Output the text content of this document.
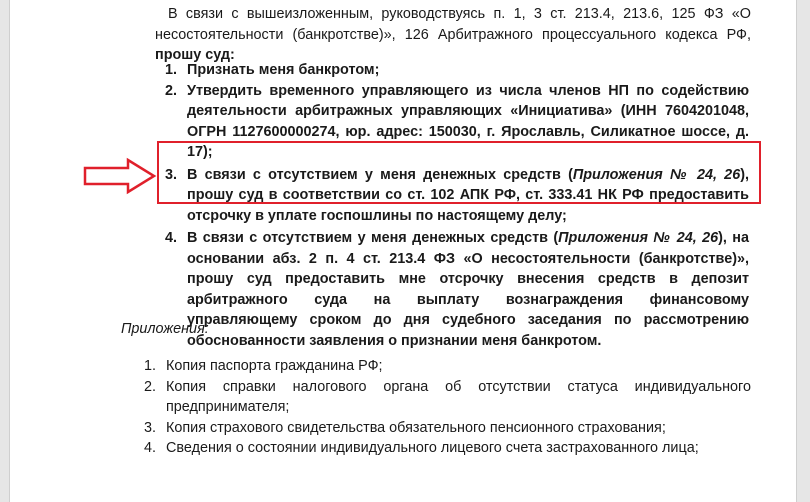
В связи с вышеизложенным, руководствуясь п. 1, 3 ст. 213.4, 213.6, 125 ФЗ «О несостоятельности (банкротстве)», 126 Арбитражного процессуального кодекса РФ, прошу суд:

1. Признать меня банкротом;
2. Утвердить временного управляющего из числа членов НП по содействию деятельности арбитражных управляющих «Инициатива» (ИНН 7604201048, ОГРН 1127600000274, юр. адрес: 150030, г. Ярославль, Силикатное шоссе, д. 17);
3. В связи с отсутствием у меня денежных средств (Приложения № 24, 26), прошу суд в соответствии со ст. 102 АПК РФ, ст. 333.41 НК РФ предоставить отсрочку в уплате госпошлины по настоящему делу;
4. В связи с отсутствием у меня денежных средств (Приложения № 24, 26), на основании абз. 2 п. 4 ст. 213.4 ФЗ «О несостоятельности (банкротстве)», прошу суд предоставить мне отсрочку внесения средств в депозит арбитражного суда на выплату вознаграждения финансовому управляющему сроком до дня судебного заседания по рассмотрению обоснованности заявления о признании меня банкротом.
Приложения:
1. Копия паспорта гражданина РФ;
2. Копия справки налогового органа об отсутствии статуса индивидуального предпринимателя;
3. Копия страхового свидетельства обязательного пенсионного страхования;
4. Сведения о состоянии индивидуального лицевого счета застрахованного лица;
